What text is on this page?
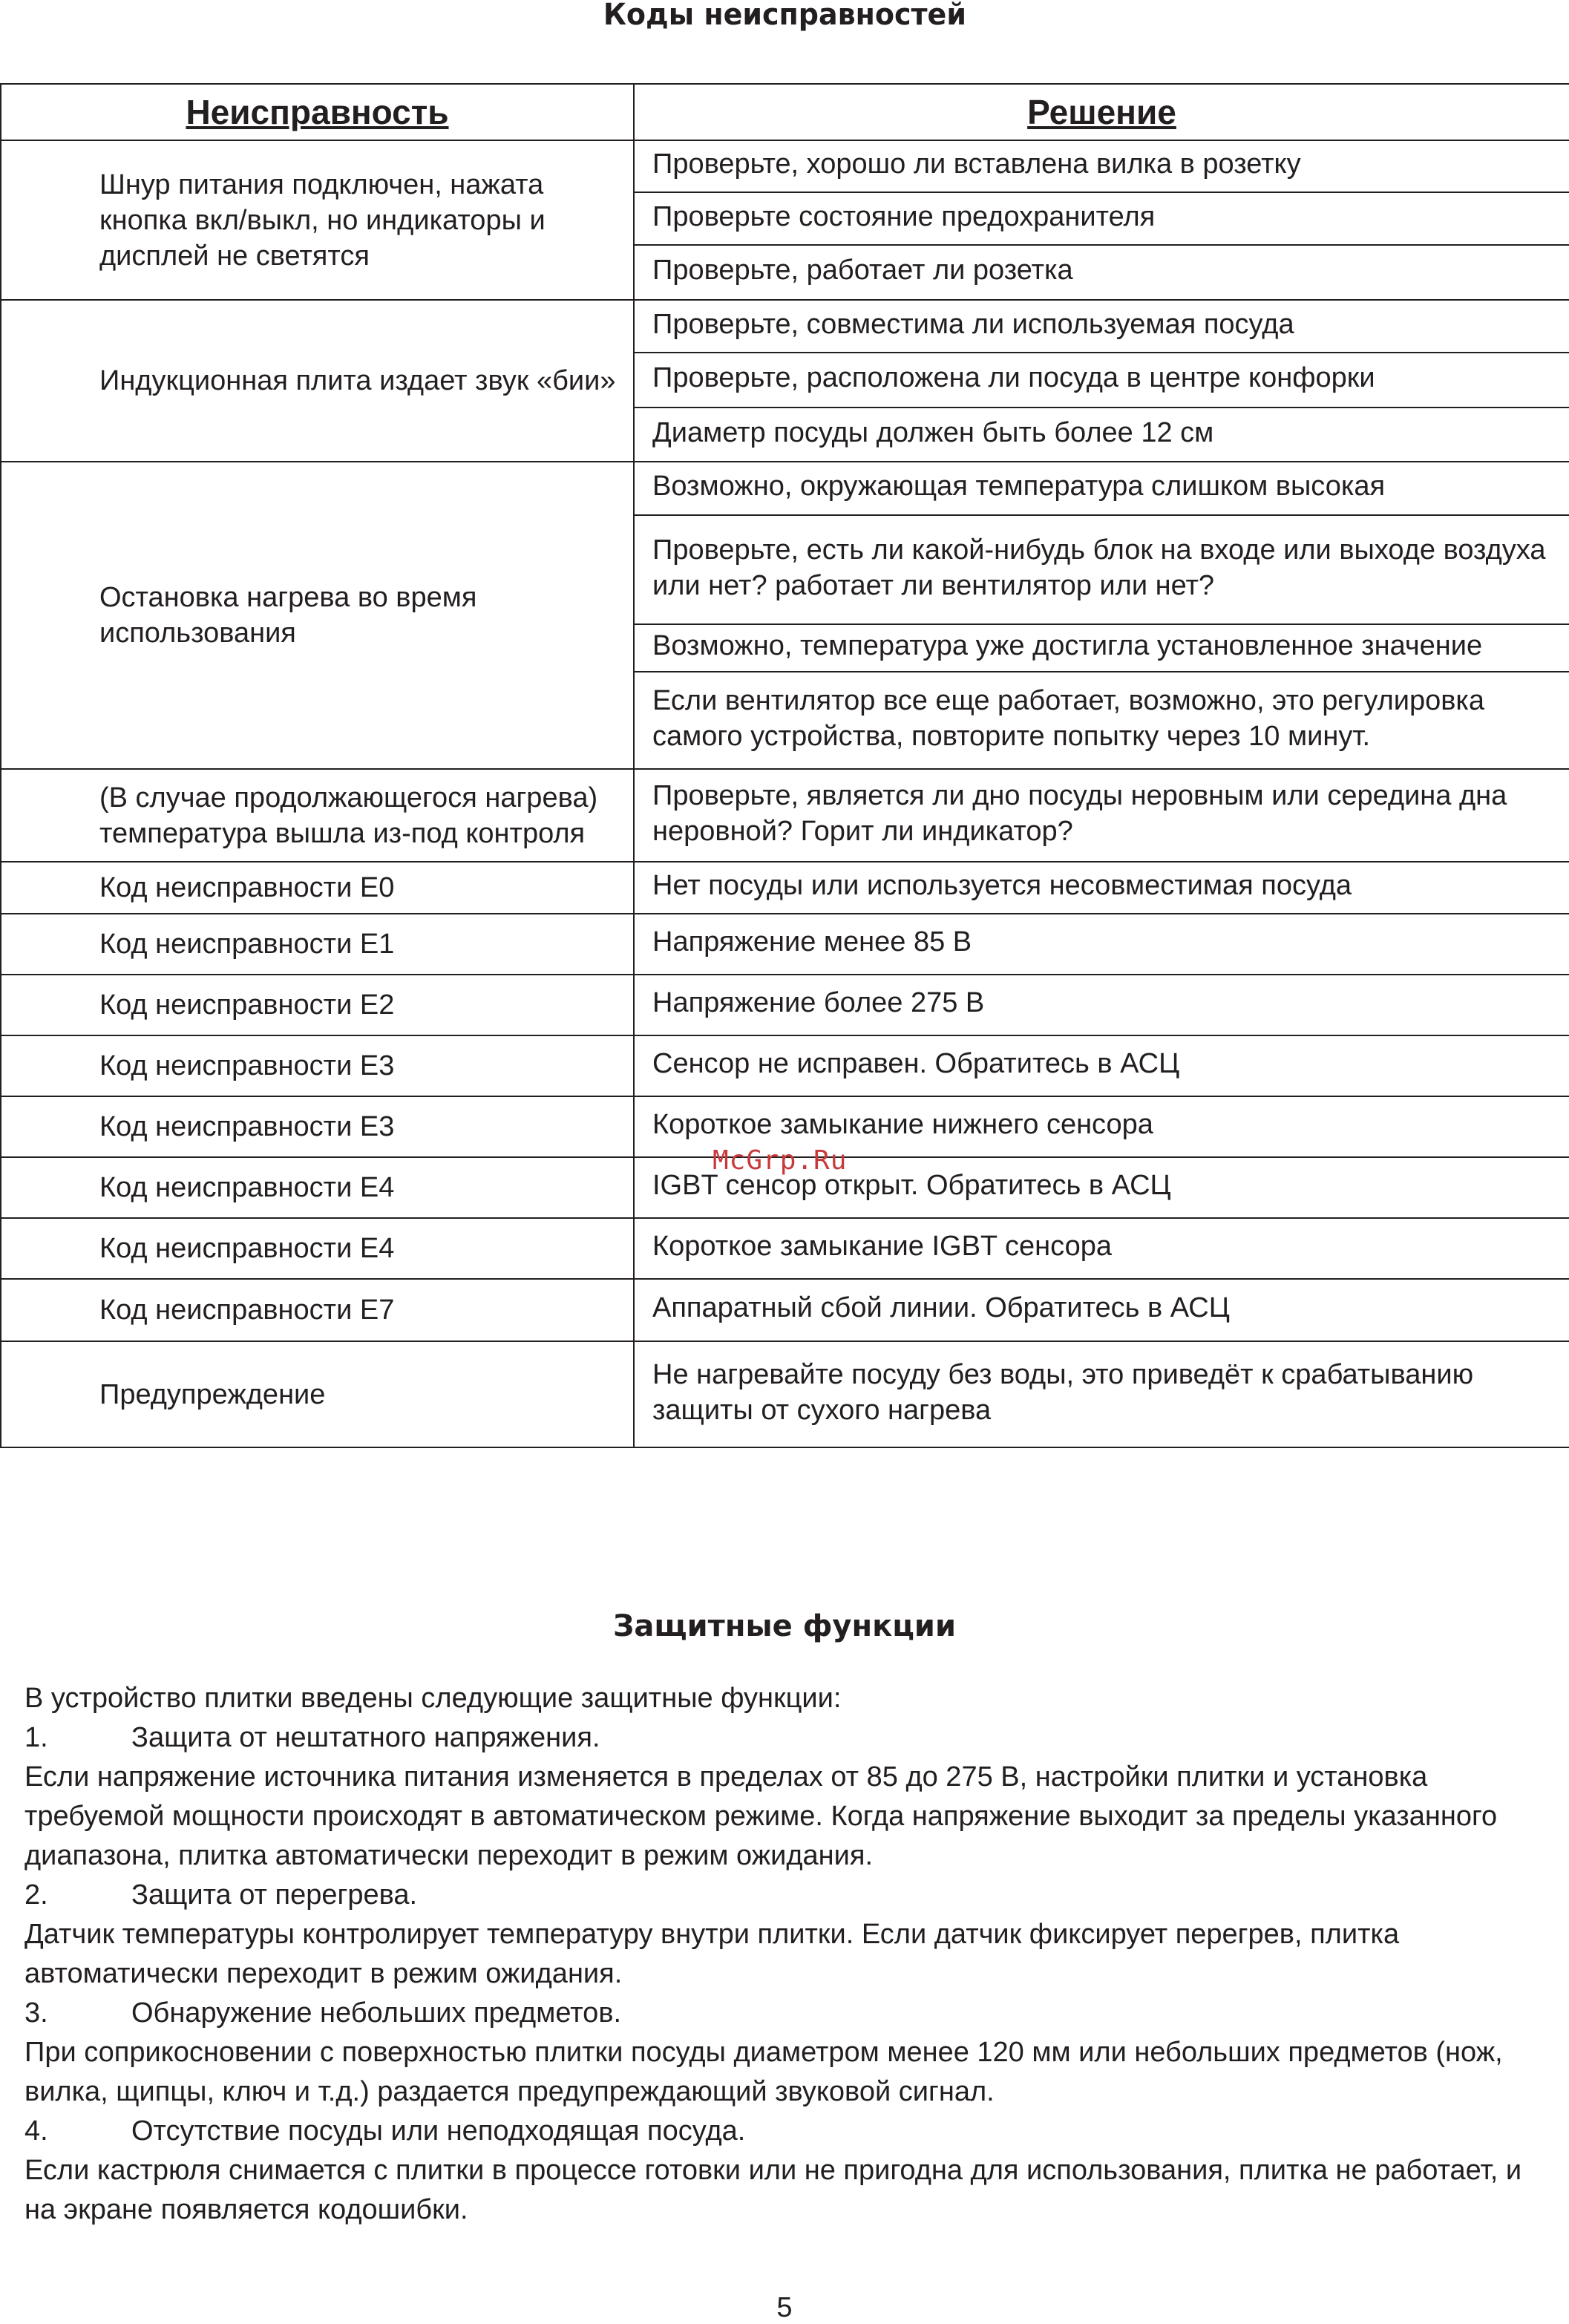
Коды неисправностей
Неисправность	Решение
Шнур питания подключен, нажата кнопка вкл/выкл, но индикаторы и дисплей не светятся	Проверьте, хорошо ли вставлена вилка в розетку
	Проверьте состояние предохранителя
	Проверьте, работает ли розетка
Индукционная плита издает звук «бии»	Проверьте, совместима ли используемая посуда
	Проверьте, расположена ли посуда в центре конфорки
	Диаметр посуды должен быть более 12 см
Остановка нагрева во время использования	Возможно, окружающая температура слишком высокая
	Проверьте, есть ли какой-нибудь блок на входе или выходе воздуха или нет? работает ли вентилятор или нет?
	Возможно, температура уже достигла установленное значение
	Если вентилятор все еще работает, возможно, это регулировка самого устройства, повторите попытку через 10 минут.
(В случае продолжающегося нагрева) температура вышла из-под контроля	Проверьте, является ли дно посуды неровным или середина дна неровной? Горит ли индикатор?
Код неисправности Е0	Нет посуды или используется несовместимая посуда
Код неисправности Е1	Напряжение менее 85 В
Код неисправности Е2	Напряжение более 275 В
Код неисправности Е3	Сенсор не исправен. Обратитесь в АСЦ
Код неисправности Е3	Короткое замыкание нижнего сенсора
Код неисправности Е4	IGBT сенсор открыт. Обратитесь в АСЦ
Код неисправности Е4	Короткое замыкание IGBT сенсора
Код неисправности Е7	Аппаратный сбой линии. Обратитесь в АСЦ
Предупреждение	Не нагревайте посуду без воды, это приведёт к срабатыванию защиты от сухого нагрева
McGrp.Ru
Защитные функции

В устройство плитки введены следующие защитные функции:

1.	Защита от нештатного напряжения.

Если напряжение источника питания изменяется в пределах от 85 до 275 В, настройки плитки и установка требуемой мощности происходят в автоматическом режиме. Когда напряжение выходит за пределы указанного диапазона, плитка автоматически переходит в режим ожидания.

2.	Защита от перегрева.

Датчик температуры контролирует температуру внутри плитки. Если датчик фиксирует перегрев, плитка автоматически переходит в режим ожидания.

3.	Обнаружение небольших предметов.

При соприкосновении с поверхностью плитки посуды диаметром менее 120 мм или небольших предметов (нож, вилка, щипцы, ключ и т.д.) раздается предупреждающий звуковой сигнал.

4.	Отсутствие посуды или неподходящая посуда.

Если кастрюля снимается с плитки в процессе готовки или не пригодна для использования, плитка не работает, и на экране появляется кодошибки.

5
